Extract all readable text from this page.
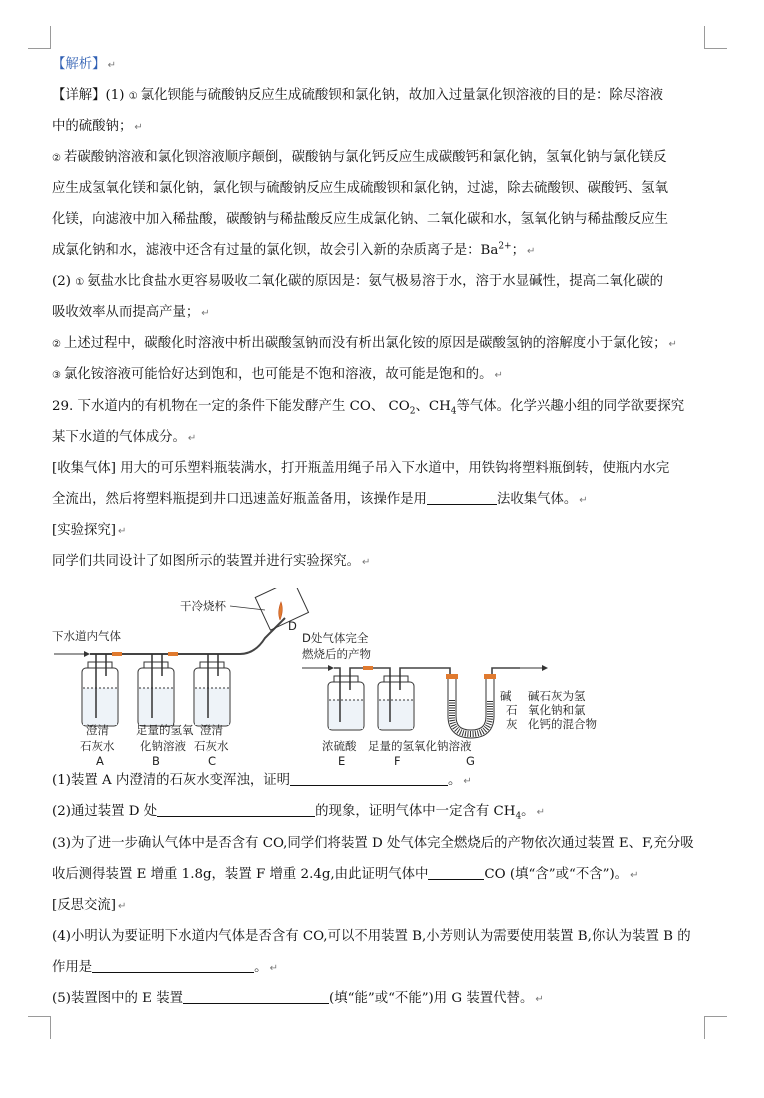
【解析】 ↵
【详解】(1) ① 氯化钡能与硫酸钠反应生成硫酸钡和氯化钠，故加入过量氯化钡溶液的目的是：除尽溶液
中的硫酸钠； ↵
② 若碳酸钠溶液和氯化钡溶液顺序颠倒，碳酸钠与氯化钙反应生成碳酸钙和氯化钠，氢氧化钠与氯化镁反
应生成氢氧化镁和氯化钠，氯化钡与硫酸钠反应生成硫酸钡和氯化钠，过滤，除去硫酸钡、碳酸钙、氢氧
化镁，向滤液中加入稀盐酸，碳酸钠与稀盐酸反应生成氯化钠、二氧化碳和水，氢氧化钠与稀盐酸反应生
成氯化钠和水，滤液中还含有过量的氯化钡，故会引入新的杂质离子是：$Ba^{2+}$； ↵
(2) ① 氨盐水比食盐水更容易吸收二氧化碳的原因是：氨气极易溶于水，溶于水显碱性，提高二氧化碳的
吸收效率从而提高产量； ↵
② 上述过程中，碳酸化时溶液中析出碳酸氢钠而没有析出氯化铵的原因是碳酸氢钠的溶解度小于氯化铵； ↵
③ 氯化铵溶液可能恰好达到饱和，也可能是不饱和溶液，故可能是饱和的。 ↵
29. 下水道内的有机物在一定的条件下能发酵产生 CO、 $CO_2$、$CH_4$等气体。化学兴趣小组的同学欲要探究
某下水道的气体成分。 ↵
[收集气体] 用大的可乐塑料瓶装满水，打开瓶盖用绳子吊入下水道中，用铁钩将塑料瓶倒转，使瓶内水完
全流出，然后将塑料瓶提到井口迅速盖好瓶盖备用，该操作是用	法收集气体。 ↵
[实验探究] ↵
同学们共同设计了如图所示的装置并进行实验探究。 ↵
下水道内气体
干冷烧杯
D
澄清
石灰水
A
足量的氢氧
化钠溶液
B
澄清
石灰水
C
D处气体完全
燃烧后的产物
碱
石
灰
碱石灰为氢
氧化钠和氯
化钙的混合物
浓硫酸
E
足量的氢氧化钠溶液
F	G
(1)装置 A 内澄清的石灰水变浑浊，证明	。 ↵
(2)通过装置 D 处	的现象，证明气体中一定含有 $CH_4$。 ↵
(3)为了进一步确认气体中是否含有 CO,同学们将装置 D 处气体完全燃烧后的产物依次通过装置 E、F,充分吸
收后测得装置 E 增重 1.8g，装置 F 增重 2.4g,由此证明气体中	CO (填“含”或“不含”)。 ↵
[反思交流] ↵
(4)小明认为要证明下水道内气体是否含有 CO,可以不用装置 B,小芳则认为需要使用装置 B,你认为装置 B 的
作用是	。 ↵
(5)装置图中的 E 装置	(填“能”或“不能”)用 G 装置代替。 ↵
